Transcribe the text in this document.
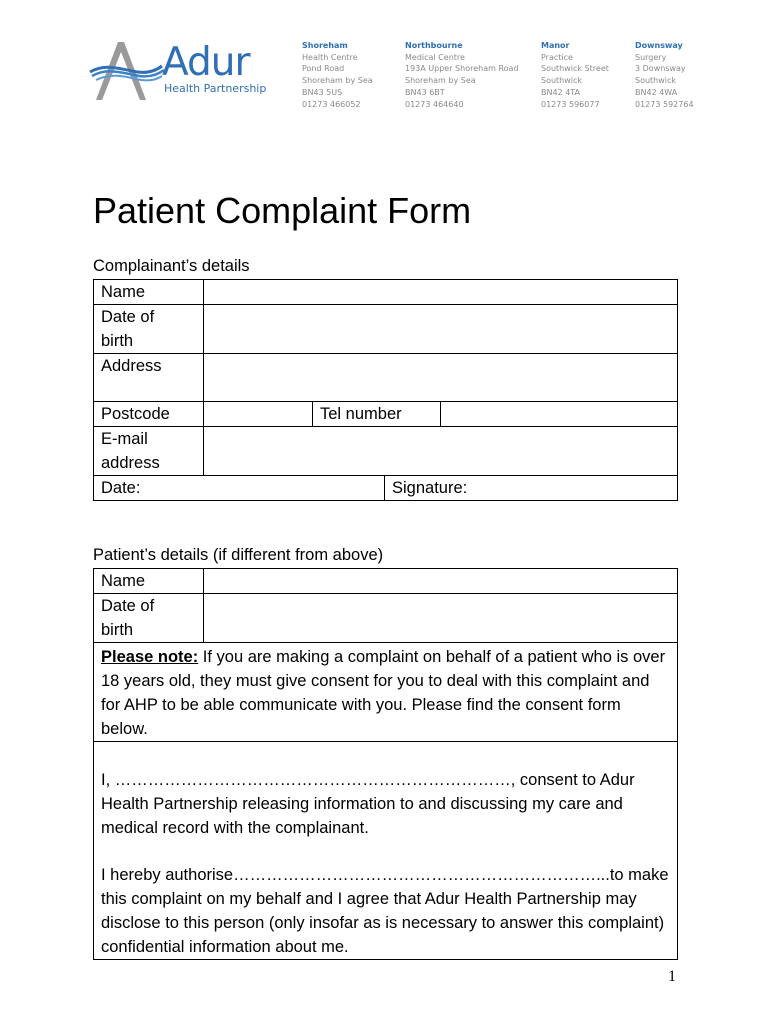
Adur
Health Partnership
Shoreham
Health Centre
Pond Road
Shoreham by Sea
BN43 5US
01273 466052
Northbourne
Medical Centre
193A Upper Shoreham Road
Shoreham by Sea
BN43 6BT
01273 464640
Manor
Practice
Southwick Street
Southwick
BN42 4TA
01273 596077
Downsway
Surgery
3 Downsway
Southwick
BN42 4WA
01273 592764
Patient Complaint Form
Complainant’s details
Name				
Date of
birth				
Address				
Postcode		Tel number		
E-mail
address				
Date:			Signature:	
Patient’s details (if different from above)
Name	
Date of
birth	
Please note: If you are making a complaint on behalf of a patient who is over 18 years old, they must give consent for you to deal with this complaint and for AHP to be able communicate with you. Please find the consent form below.	

I, ………………………………………………………………, consent to Adur Health Partnership releasing information to and discussing my care and medical record with the complainant.
I hereby authorise…………………………………………………………...to make this complaint on my behalf and I agree that Adur Health Partnership may disclose to this person (only insofar as is necessary to answer this complaint) confidential information about me.	
1
